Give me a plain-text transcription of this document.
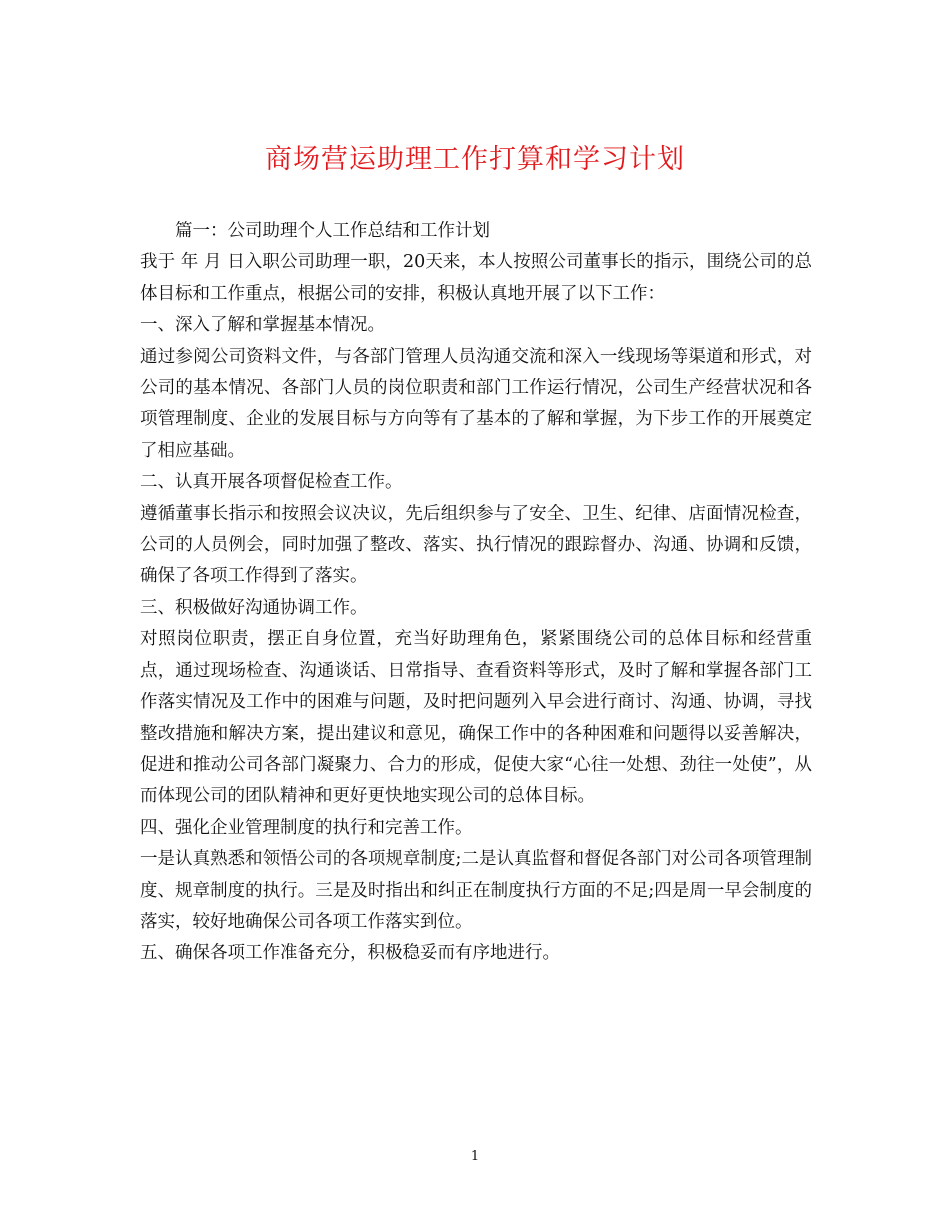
商场营运助理工作打算和学习计划

篇一：公司助理个人工作总结和工作计划

我于 年 月 日入职公司助理一职，20天来，本人按照公司董事长的指示，围绕公司的总体目标和工作重点，根据公司的安排，积极认真地开展了以下工作：

一、深入了解和掌握基本情况。

通过参阅公司资料文件，与各部门管理人员沟通交流和深入一线现场等渠道和形式，对公司的基本情况、各部门人员的岗位职责和部门工作运行情况，公司生产经营状况和各项管理制度、企业的发展目标与方向等有了基本的了解和掌握，为下步工作的开展奠定了相应基础。

二、认真开展各项督促检查工作。

遵循董事长指示和按照会议决议，先后组织参与了安全、卫生、纪律、店面情况检查，公司的人员例会，同时加强了整改、落实、执行情况的跟踪督办、沟通、协调和反馈，确保了各项工作得到了落实。

三、积极做好沟通协调工作。

对照岗位职责，摆正自身位置，充当好助理角色，紧紧围绕公司的总体目标和经营重点，通过现场检查、沟通谈话、日常指导、查看资料等形式，及时了解和掌握各部门工作落实情况及工作中的困难与问题，及时把问题列入早会进行商讨、沟通、协调，寻找整改措施和解决方案，提出建议和意见，确保工作中的各种困难和问题得以妥善解决，促进和推动公司各部门凝聚力、合力的形成，促使大家“心往一处想、劲往一处使”，从而体现公司的团队精神和更好更快地实现公司的总体目标。

四、强化企业管理制度的执行和完善工作。

一是认真熟悉和领悟公司的各项规章制度;二是认真监督和督促各部门对公司各项管理制度、规章制度的执行。三是及时指出和纠正在制度执行方面的不足;四是周一早会制度的落实，较好地确保公司各项工作落实到位。

五、确保各项工作准备充分，积极稳妥而有序地进行。

1
